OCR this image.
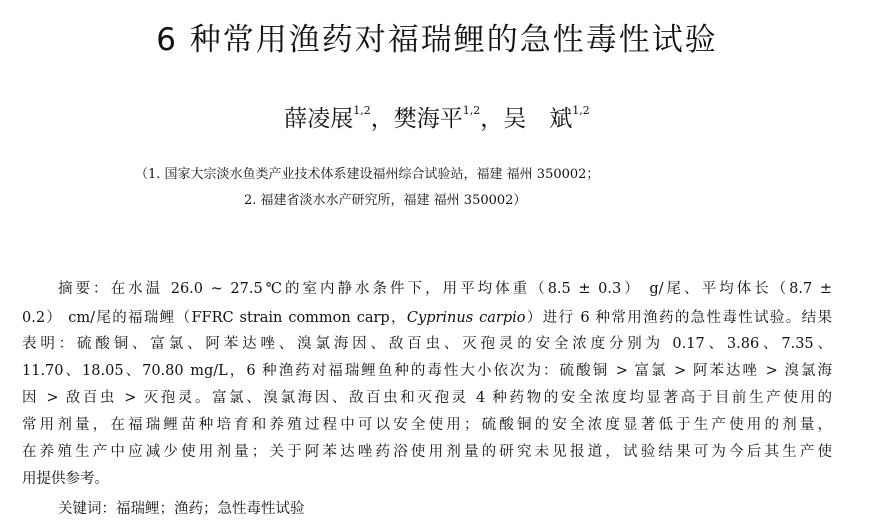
6 种常用渔药对福瑞鲤的急性毒性试验
薛凌展$^{1,2}$，樊海平$^{1,2}$，吴　斌$^{1,2}$
（1. 国家大宗淡水鱼类产业技术体系建设福州综合试验站，福建 福州 350002；
2. 福建省淡水水产研究所，福建 福州 350002）
摘要：在水温 26.0 ~ 27.5℃的室内静水条件下，用平均体重（8.5 ± 0.3） g/尾、平均体长（8.7 ±
0.2） cm/尾的福瑞鲤（FFRC strain common carp，Cyprinus carpio）进行 6 种常用渔药的急性毒性试验。结果
表明：硫酸铜、富氯、阿苯达唑、溴氯海因、敌百虫、灭孢灵的安全浓度分别为 0.17、3.86、7.35、
11.70、18.05、70.80 mg/L，6 种渔药对福瑞鲤鱼种的毒性大小依次为：硫酸铜 > 富氯 > 阿苯达唑 > 溴氯海
因 > 敌百虫 > 灭孢灵。富氯、溴氯海因、敌百虫和灭孢灵 4 种药物的安全浓度均显著高于目前生产使用的
常用剂量，在福瑞鲤苗种培育和养殖过程中可以安全使用；硫酸铜的安全浓度显著低于生产使用的剂量，
在养殖生产中应减少使用剂量；关于阿苯达唑药浴使用剂量的研究未见报道，试验结果可为今后其生产使
用提供参考。
关键词：福瑞鲤；渔药；急性毒性试验
